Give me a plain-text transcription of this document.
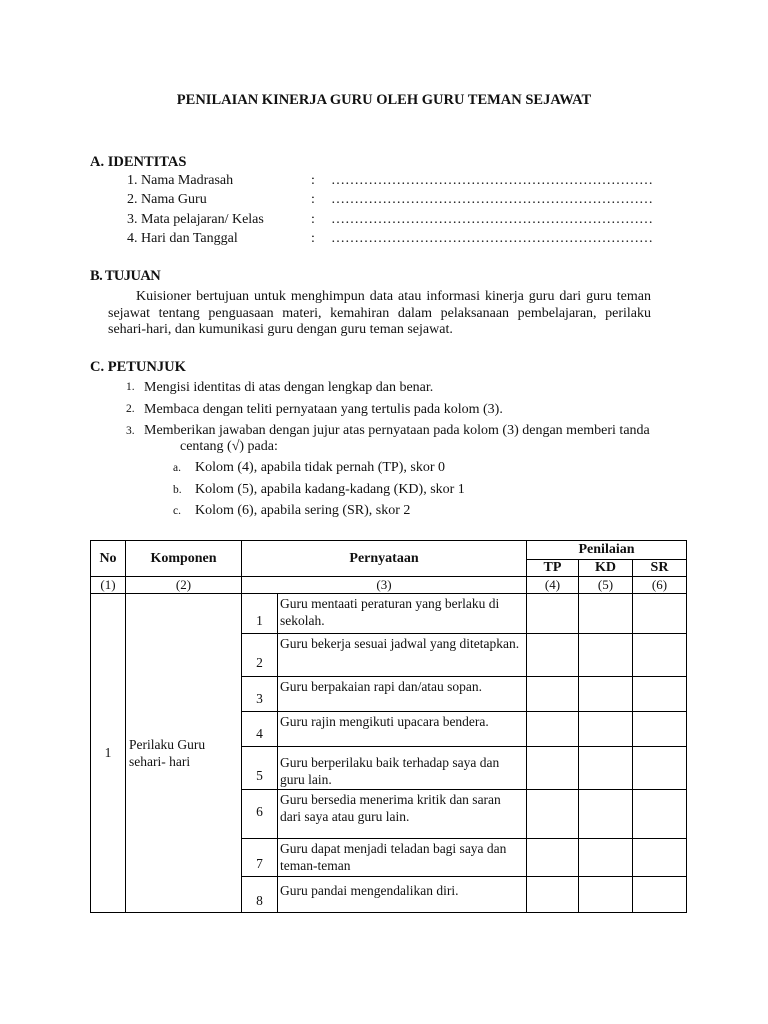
PENILAIAN KINERJA GURU OLEH GURU TEMAN SEJAWAT
A. IDENTITAS
1. Nama Madrasah	: ……………………………………………………………
2. Nama Guru	: ……………………………………………………………
3. Mata pelajaran/ Kelas	: ……………………………………………………………
4. Hari dan Tanggal	: ……………………………………………………………
B. TUJUAN
Kuisioner bertujuan untuk menghimpun data atau informasi kinerja guru dari guru teman sejawat tentang penguasaan materi, kemahiran dalam pelaksanaan pembelajaran, perilaku sehari-hari, dan kumunikasi guru dengan guru teman sejawat.
C. PETUNJUK
1. Mengisi identitas di atas dengan lengkap dan benar.
2. Membaca dengan teliti pernyataan yang tertulis pada kolom (3).
3. Memberikan jawaban dengan jujur atas pernyataan pada kolom (3) dengan memberi tanda
centang (√) pada:
a. Kolom (4), apabila tidak pernah (TP), skor 0
b. Kolom (5), apabila kadang-kadang (KD), skor 1
c. Kolom (6), apabila sering (SR), skor 2
No	Komponen	Pernyataan		Penilaian		
				TP	KD	SR
(1)	(2)	(3)		(4)	(5)	(6)
1	Perilaku Guru sehari- hari	1	Guru mentaati peraturan yang berlaku di sekolah.			
		2	Guru bekerja sesuai jadwal yang ditetapkan.			
		3	Guru berpakaian rapi dan/atau sopan.			
		4	Guru rajin mengikuti upacara bendera.			
		5	Guru berperilaku baik terhadap saya dan guru lain.			
		6	Guru bersedia menerima kritik dan saran dari saya atau guru lain.			
		7	Guru dapat menjadi teladan bagi saya dan teman-teman			
		8	Guru pandai mengendalikan diri.			
